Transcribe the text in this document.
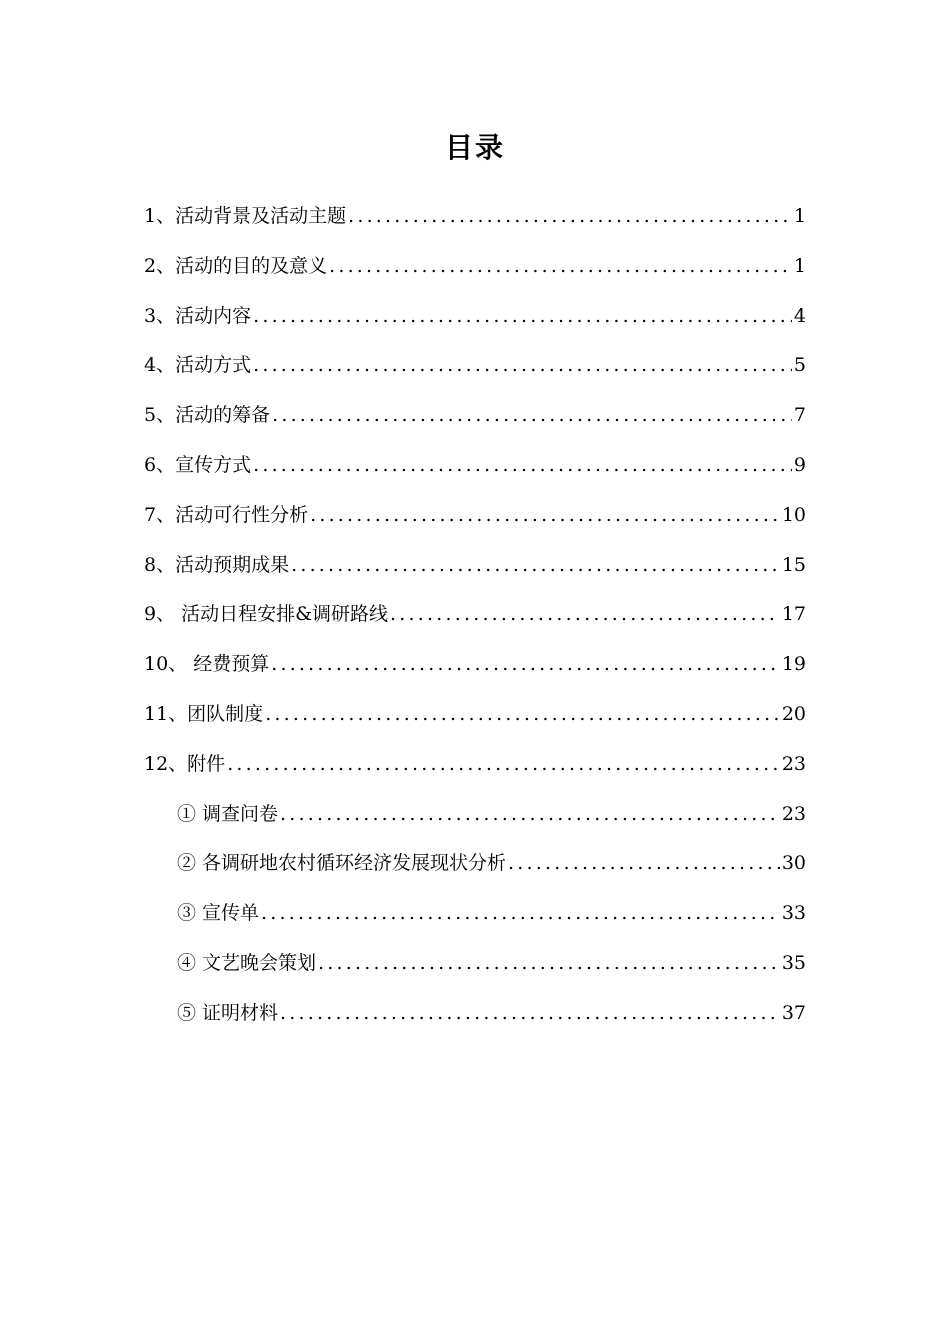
目录
1、活动背景及活动主题 .....	1
2、活动的目的及意义 .....	1
3、活动内容 .....	4
4、活动方式 .....	5
5、活动的筹备 .....	7
6、宣传方式 .....	9
7、活动可行性分析 .....	10
8、活动预期成果 .....	15
9、 活动日程安排&调研路线 .....	17
10、 经费预算 .....	19
11、团队制度 .....	20
12、附件 .....	23
① 调查问卷 .....	23
② 各调研地农村循环经济发展现状分析 .....	30
③ 宣传单 .....	33
④ 文艺晚会策划 .....	35
⑤ 证明材料 .....	37
